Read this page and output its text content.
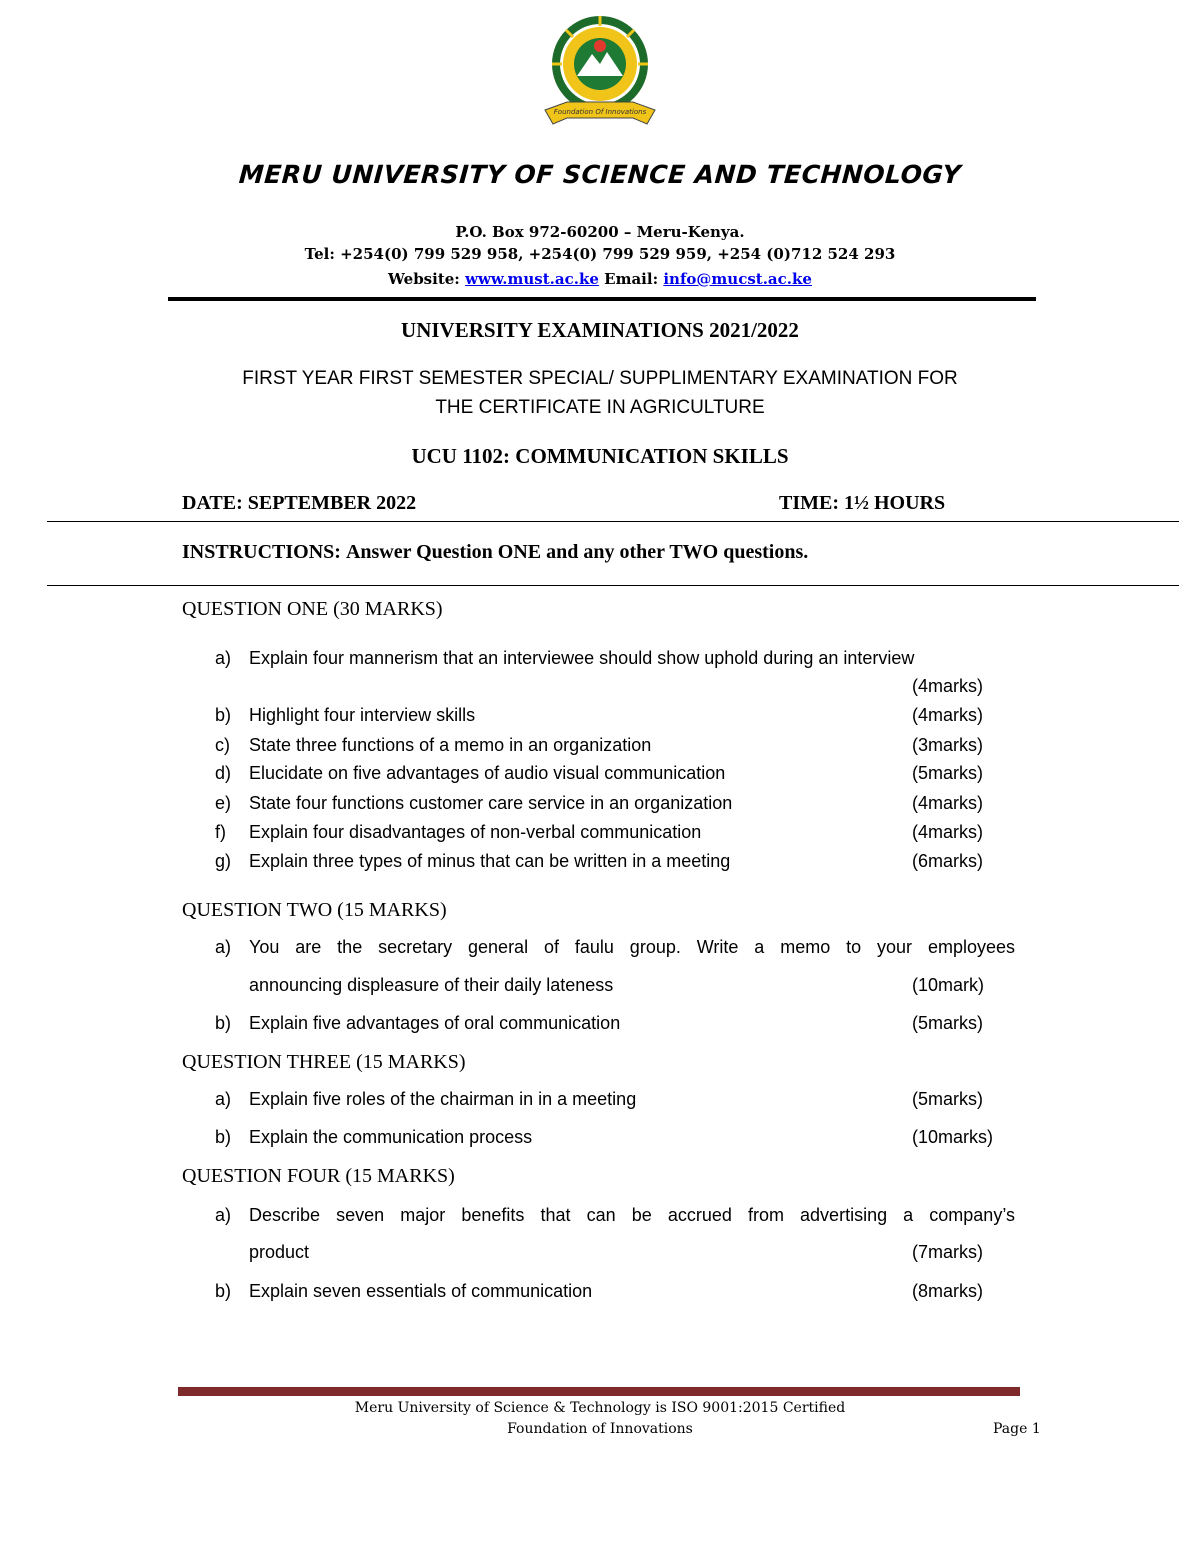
Foundation Of Innovations
MERU UNIVERSITY OF SCIENCE AND TECHNOLOGY
P.O. Box 972-60200 – Meru-Kenya.
Tel: +254(0) 799 529 958, +254(0) 799 529 959, +254 (0)712 524 293
Website: www.must.ac.ke Email: info@mucst.ac.ke
UNIVERSITY EXAMINATIONS 2021/2022
FIRST YEAR FIRST SEMESTER SPECIAL/ SUPPLIMENTARY EXAMINATION FOR
THE CERTIFICATE IN AGRICULTURE
UCU 1102: COMMUNICATION SKILLS
DATE: SEPTEMBER 2022	TIME: 1½ HOURS
INSTRUCTIONS: Answer Question ONE and any other TWO questions.
QUESTION ONE (30 MARKS)
a) Explain four mannerism that an interviewee should show uphold during an interview
(4marks)
b) Highlight four interview skills	(4marks)
c) State three functions of a memo in an organization	(3marks)
d) Elucidate on five advantages of audio visual communication	(5marks)
e) State four functions customer care service in an organization	(4marks)
f)	Explain four disadvantages of non-verbal communication	(4marks)
g) Explain three types of minus that can be written in a meeting	(6marks)
QUESTION TWO (15 MARKS)
a) You are the secretary general of faulu group. Write a memo to your employees
announcing displeasure of their daily lateness	(10mark)
b) Explain five advantages of oral communication	(5marks)
QUESTION THREE (15 MARKS)
a) Explain five roles of the chairman in in a meeting	(5marks)
b) Explain the communication process	(10marks)
QUESTION FOUR (15 MARKS)
a) Describe seven major benefits that can be accrued from advertising a company’s
product	(7marks)
b) Explain seven essentials of communication	(8marks)
Meru University of Science & Technology is ISO 9001:2015 Certified
Foundation of Innovations	Page 1
